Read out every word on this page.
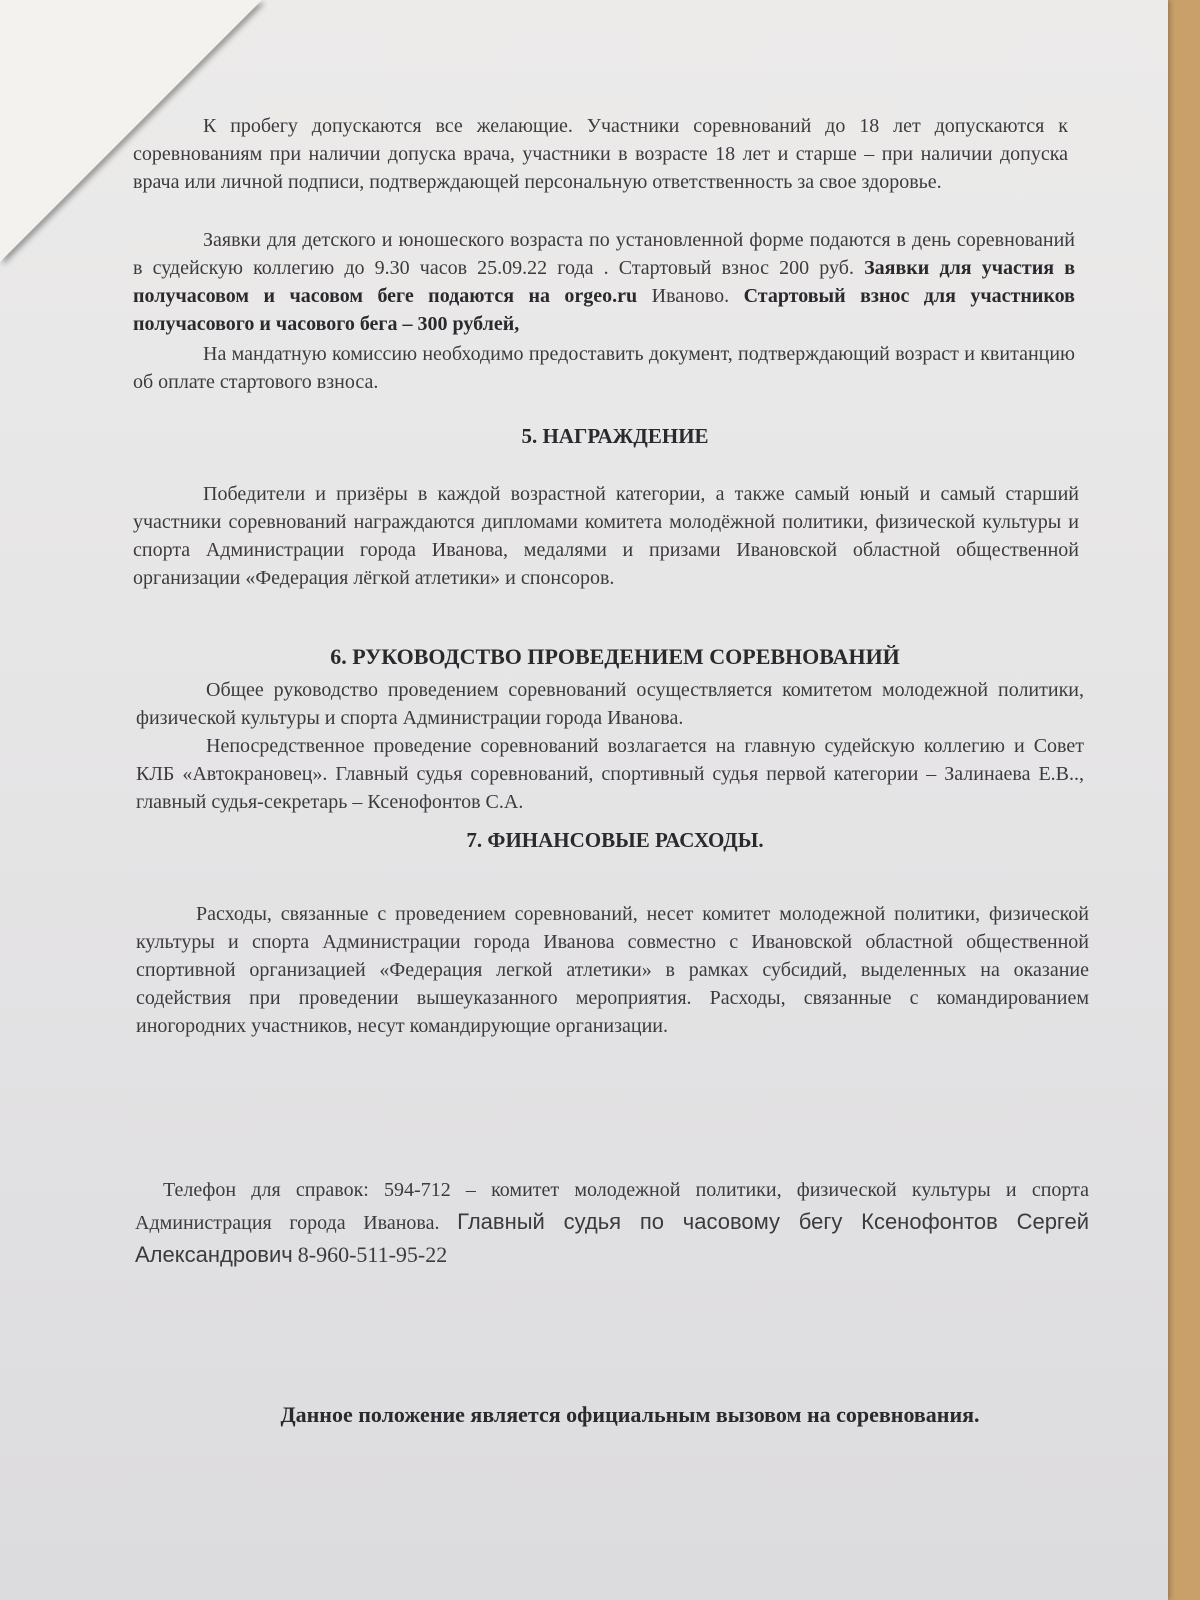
К пробегу допускаются все желающие. Участники соревнований до 18 лет допускаются к соревнованиям при наличии допуска врача, участники в возрасте 18 лет и старше – при наличии допуска врача или личной подписи, подтверждающей персональную ответственность за свое здоровье.

Заявки для детского и юношеского возраста по установленной форме подаются в день соревнований в судейскую коллегию до 9.30 часов 25.09.22 года . Стартовый взнос 200 руб. Заявки для участия в получасовом и часовом беге подаются на orgeo.ru Иваново. Стартовый взнос для участников получасового и часового бега – 300 рублей,

На мандатную комиссию необходимо предоставить документ, подтверждающий возраст и квитанцию об оплате стартового взноса.

5. НАГРАЖДЕНИЕ

Победители и призёры в каждой возрастной категории, а также самый юный и самый старший участники соревнований награждаются дипломами комитета молодёжной политики, физической культуры и спорта Администрации города Иванова, медалями и призами Ивановской областной общественной организации «Федерация лёгкой атлетики» и спонсоров.

6. РУКОВОДСТВО ПРОВЕДЕНИЕМ СОРЕВНОВАНИЙ

Общее руководство проведением соревнований осуществляется комитетом молодежной политики, физической культуры и спорта Администрации города Иванова.

Непосредственное проведение соревнований возлагается на главную судейскую коллегию и Совет КЛБ «Автокрановец». Главный судья соревнований, спортивный судья первой категории – Залинаева Е.В.., главный судья-секретарь – Ксенофонтов С.А.

7. ФИНАНСОВЫЕ РАСХОДЫ.

Расходы, связанные с проведением соревнований, несет комитет молодежной политики, физической культуры и спорта Администрации города Иванова совместно с Ивановской областной общественной спортивной организацией «Федерация легкой атлетики» в рамках субсидий, выделенных на оказание содействия при проведении вышеуказанного мероприятия. Расходы, связанные с командированием иногородних участников, несут командирующие организации.

Телефон для справок: 594-712 – комитет молодежной политики, физической культуры и спорта Администрация города Иванова. Главный судья по часовому бегу Ксенофонтов Сергей Александрович 8-960-511-95-22

Данное положение является официальным вызовом на соревнования.
